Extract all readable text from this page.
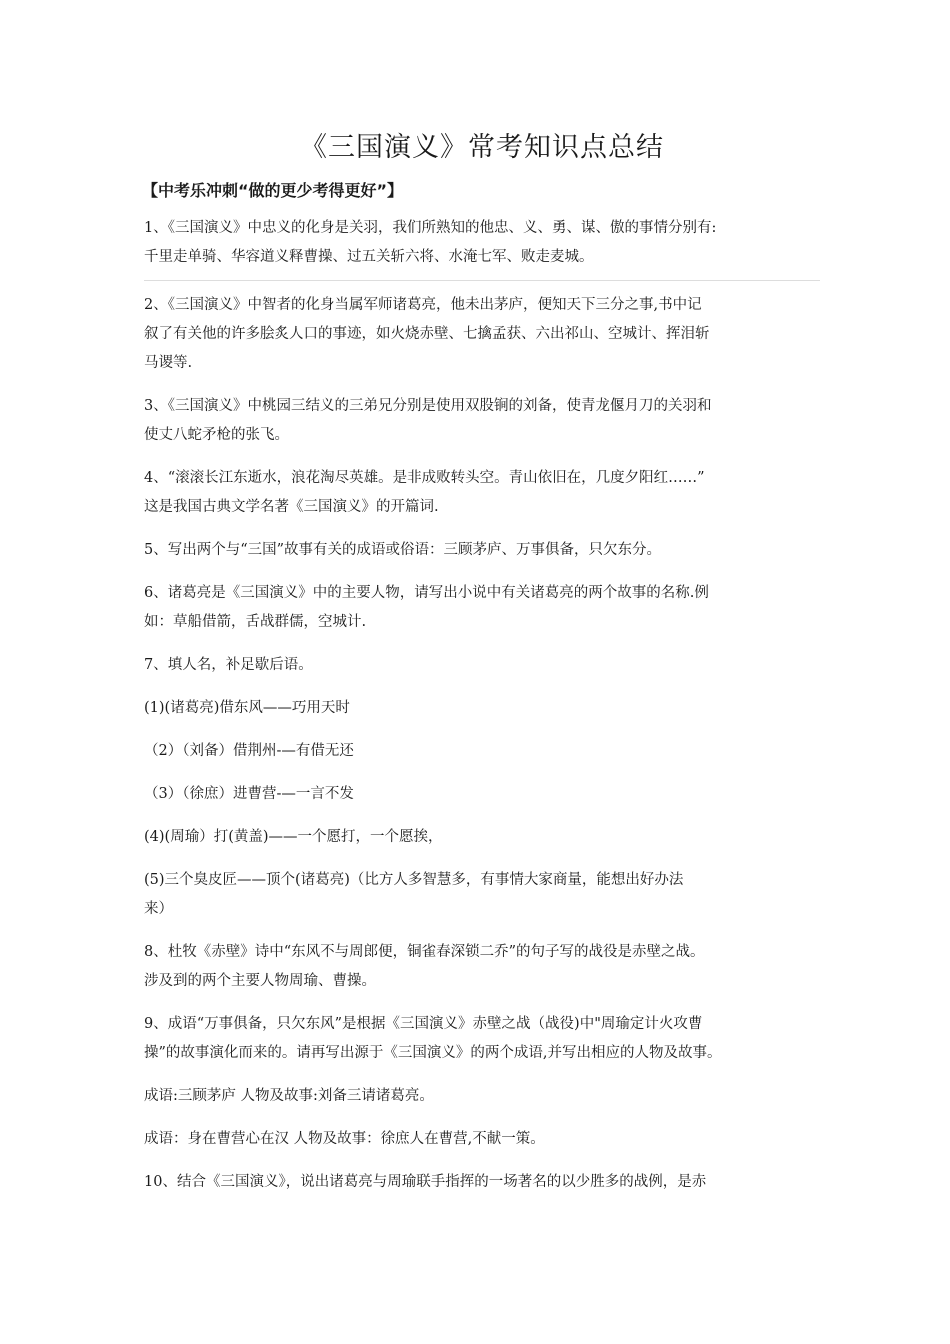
《三国演义》常考知识点总结
【中考乐冲刺“做的更少考得更好”】
1、《三国演义》中忠义的化身是关羽，我们所熟知的他忠、义、勇、谋、傲的事情分别有:
千里走单骑、华容道义释曹操、过五关斩六将、水淹七军、败走麦城。
2、《三国演义》中智者的化身当属军师诸葛亮，他未出茅庐，便知天下三分之事,书中记
叙了有关他的许多脍炙人口的事迹，如火烧赤壁、七擒孟获、六出祁山、空城计、挥泪斩
马谡等.
3、《三国演义》中桃园三结义的三弟兄分别是使用双股锏的刘备，使青龙偃月刀的关羽和
使丈八蛇矛枪的张飞。
4、“滚滚长江东逝水，浪花淘尽英雄。是非成败转头空。青山依旧在，几度夕阳红……”
这是我国古典文学名著《三国演义》的开篇词.
5、写出两个与“三国”故事有关的成语或俗语：三顾茅庐、万事俱备，只欠东分。
6、诸葛亮是《三国演义》中的主要人物，请写出小说中有关诸葛亮的两个故事的名称.例
如：草船借箭，舌战群儒，空城计.
7、填人名，补足歇后语。
(1)(诸葛亮)借东风——巧用天时
（2）（刘备）借荆州-—有借无还
（3）（徐庶）进曹营-—一言不发
(4)(周瑜）打(黄盖)——一个愿打，一个愿挨，
(5)三个臭皮匠——顶个(诸葛亮)（比方人多智慧多，有事情大家商量，能想出好办法
来）
8、杜牧《赤壁》诗中“东风不与周郎便，铜雀春深锁二乔”的句子写的战役是赤壁之战。
涉及到的两个主要人物周瑜、曹操。
9、成语“万事俱备，只欠东风”是根据《三国演义》赤壁之战（战役)中"周瑜定计火攻曹
操”的故事演化而来的。请再写出源于《三国演义》的两个成语,并写出相应的人物及故事。
成语:三顾茅庐 人物及故事:刘备三请诸葛亮。
成语：身在曹营心在汉 人物及故事：徐庶人在曹营,不献一策。
10、结合《三国演义》，说出诸葛亮与周瑜联手指挥的一场著名的以少胜多的战例，是赤
